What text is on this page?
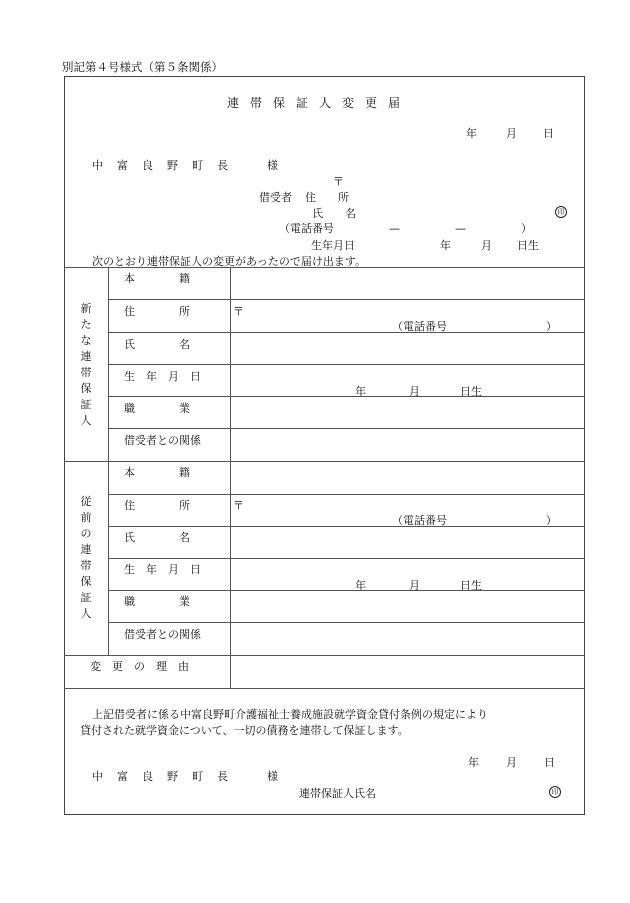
別記第４号様式（第５条関係）
連帯保証人変更届
年	月 日
中富良野町長　様
〒
借受者 住　　所
氏　　名	印
（電話番号　　　　　—　　　　　—　　　　　）
生年月日	年	月 日生
次のとおり連帯保証人の変更があったので届け出ます。
新たな連帯保証人
本　　　　籍
住　　　　所	〒
（電話番号　　　　　　　　　）
氏　　　　名
生　年　月　日
年	月	日生
職　　　　業
借受者との関係
従前の連帯保証人
本　　　　籍
住　　　　所	〒
（電話番号　　　　　　　　　）
氏　　　　名
生　年　月　日
年	月	日生
職　　　　業
借受者との関係
変　更　の　理　由
上記借受者に係る中富良野町介護福祉士養成施設就学資金貸付条例の規定により
貸付された就学資金について、一切の債務を連帯して保証します。
年 月 日
中富良野町長　様
連帯保証人氏名	印
